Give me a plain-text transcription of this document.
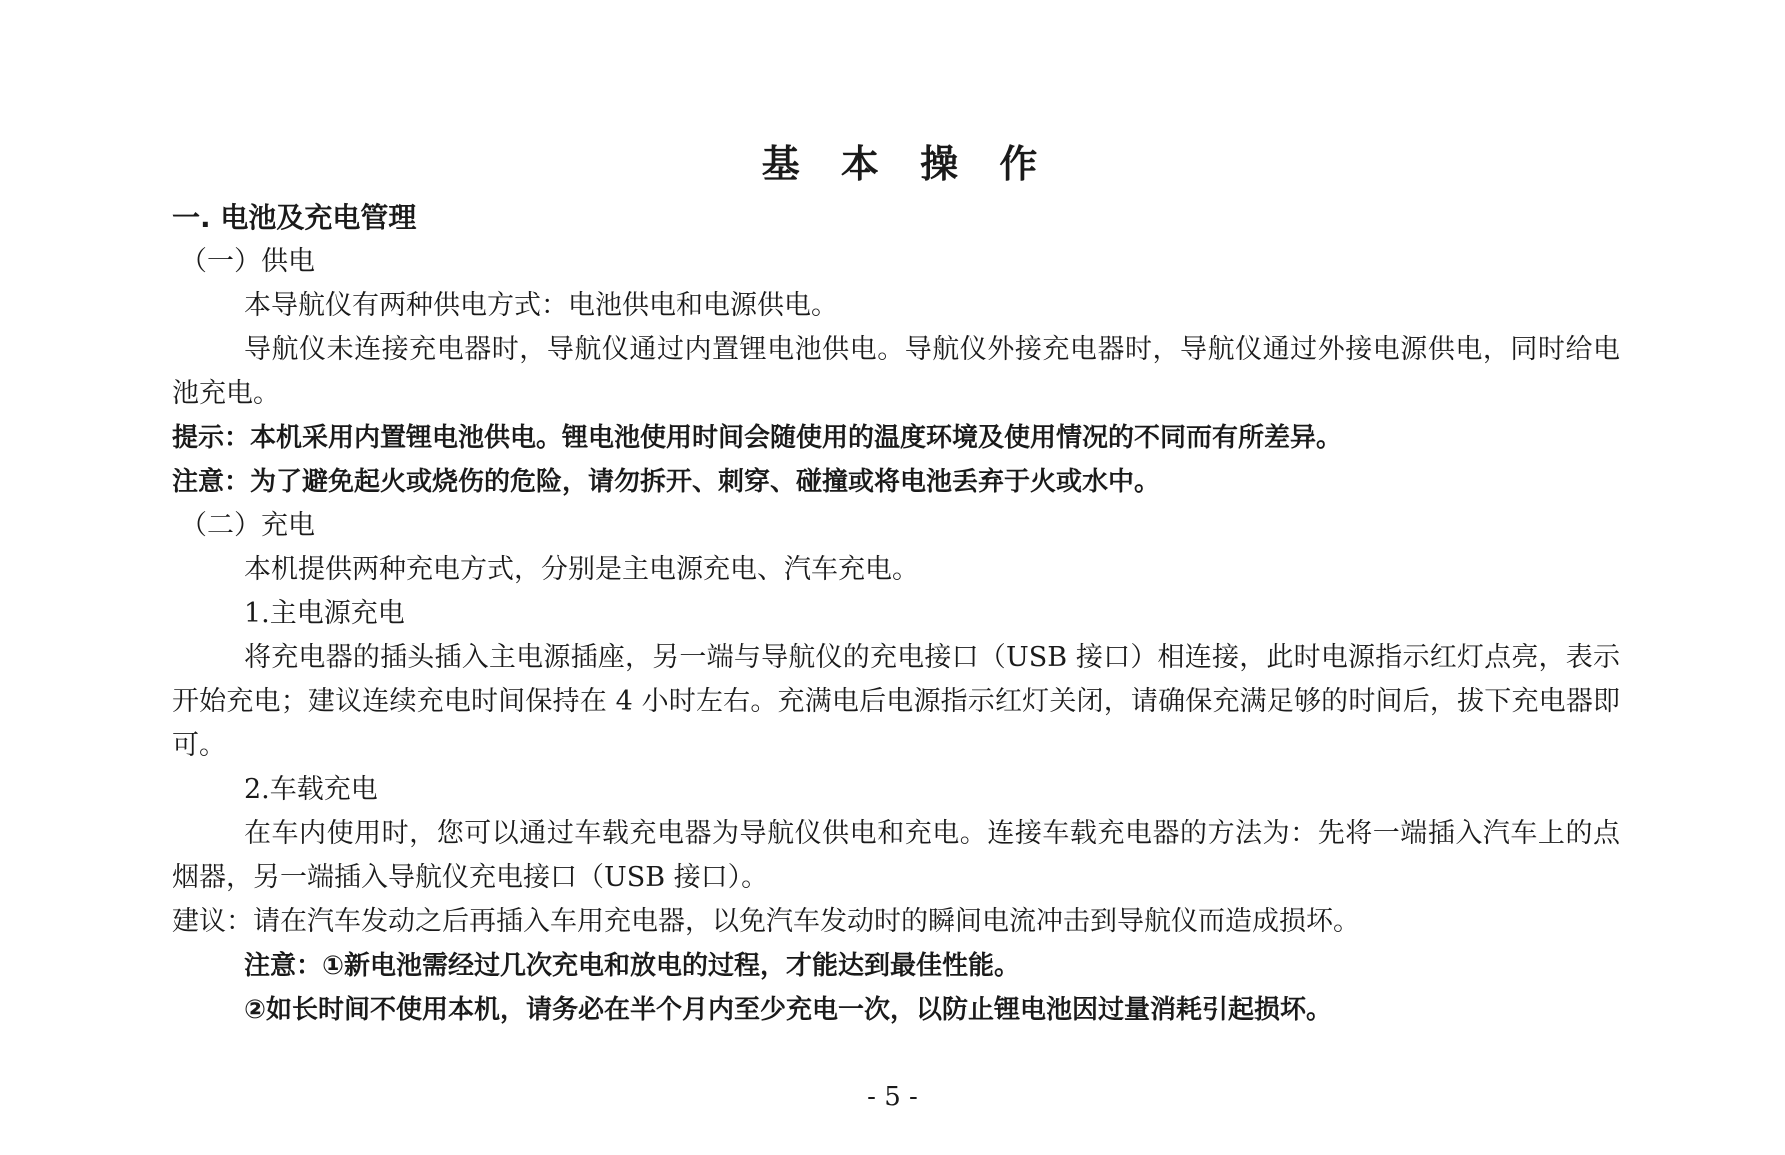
基 本 操 作

一. 电池及充电管理

（一）供电

本导航仪有两种供电方式：电池供电和电源供电。

导航仪未连接充电器时，导航仪通过内置锂电池供电。导航仪外接充电器时，导航仪通过外接电源供电，同时给电池充电。

提示：本机采用内置锂电池供电。锂电池使用时间会随使用的温度环境及使用情况的不同而有所差异。

注意：为了避免起火或烧伤的危险，请勿拆开、刺穿、碰撞或将电池丢弃于火或水中。

（二）充电

本机提供两种充电方式，分别是主电源充电、汽车充电。

1.主电源充电

将充电器的插头插入主电源插座，另一端与导航仪的充电接口（USB 接口）相连接，此时电源指示红灯点亮，表示开始充电；建议连续充电时间保持在 4 小时左右。充满电后电源指示红灯关闭，请确保充满足够的时间后，拔下充电器即可。

2.车载充电

在车内使用时，您可以通过车载充电器为导航仪供电和充电。连接车载充电器的方法为：先将一端插入汽车上的点烟器，另一端插入导航仪充电接口（USB 接口）。

建议：请在汽车发动之后再插入车用充电器，以免汽车发动时的瞬间电流冲击到导航仪而造成损坏。

注意：①新电池需经过几次充电和放电的过程，才能达到最佳性能。

②如长时间不使用本机，请务必在半个月内至少充电一次，以防止锂电池因过量消耗引起损坏。

- 5 -
